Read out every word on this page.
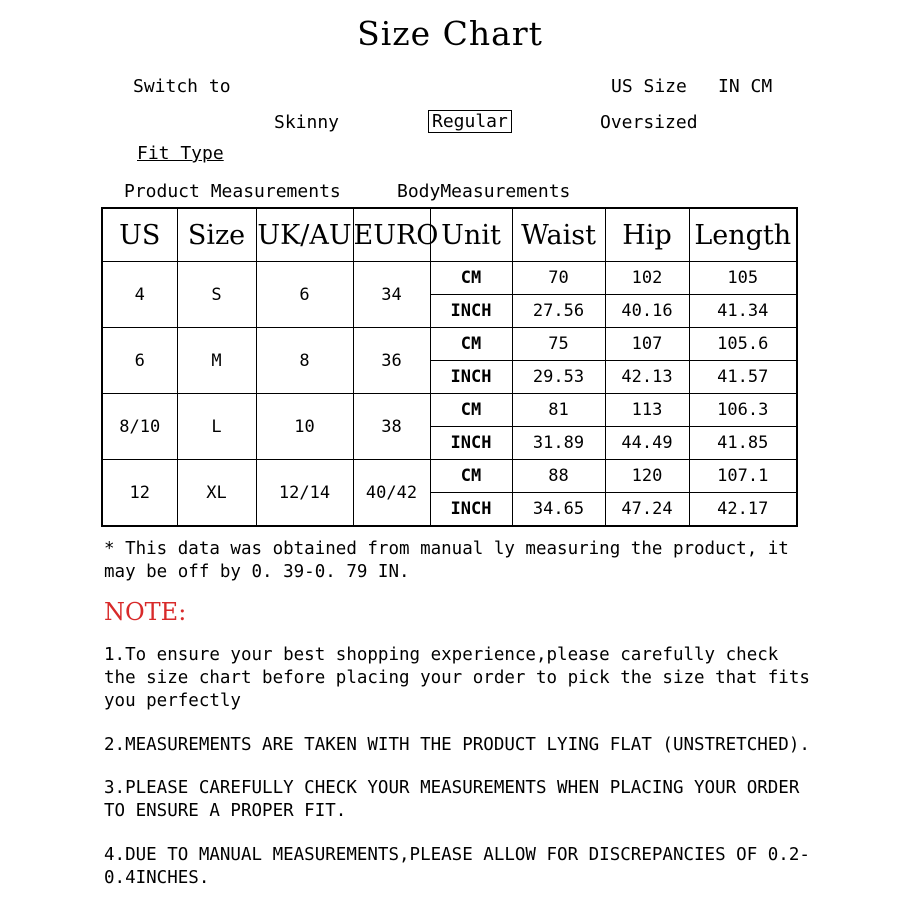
Size Chart
Switch to	US Size IN CM
Skinny	Regular	Oversized
Fit Type
Product Measurements	BodyMeasurements
US	Size	UK/AU	EURO	Unit	Waist	Hip	Length
4	S	6	34	CM	70	102	105
				INCH	27.56	40.16	41.34
6	M	8	36	CM	75	107	105.6
				INCH	29.53	42.13	41.57
8/10	L	10	38	CM	81	113	106.3
				INCH	31.89	44.49	41.85
12	XL	12/14	40/42	CM	88	120	107.1
				INCH	34.65	47.24	42.17
* This data was obtained from manual ly measuring the product, it
may be off by 0. 39-0. 79 IN.
NOTE:
1.To ensure your best shopping experience,please carefully check
the size chart before placing your order to pick the size that fits
you perfectly
2.MEASUREMENTS ARE TAKEN WITH THE PRODUCT LYING FLAT (UNSTRETCHED).
3.PLEASE CAREFULLY CHECK YOUR MEASUREMENTS WHEN PLACING YOUR ORDER
TO ENSURE A PROPER FIT.
4.DUE TO MANUAL MEASUREMENTS,PLEASE ALLOW FOR DISCREPANCIES OF 0.2-
0.4INCHES.
